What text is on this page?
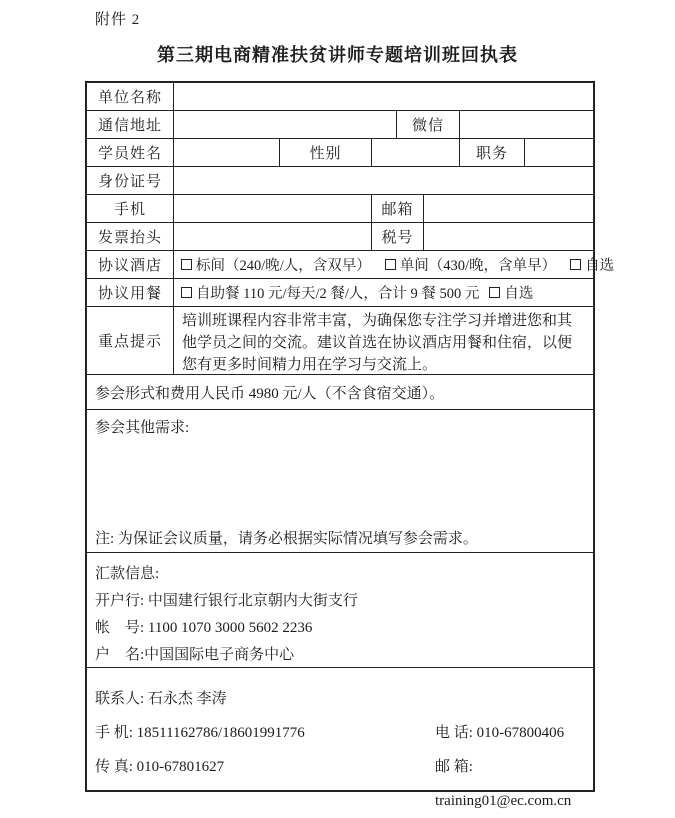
附件 2
第三期电商精准扶贫讲师专题培训班回执表
单位名称
通信地址	微信
学员姓名	性别	职务
身份证号
手机	邮箱
发票抬头	税号
协议酒店	标间（240/晚/人，含双早） 单间（430/晚，含单早） 自选
协议用餐	自助餐 110 元/每天/2 餐/人，合计 9 餐 500 元 自选
重点提示
培训班课程内容非常丰富，为确保您专注学习并增进您和其他学员之间的交流。建议首选在协议酒店用餐和住宿，以便您有更多时间精力用在学习与交流上。
参会形式和费用人民币 4980 元/人（不含食宿交通）。
参会其他需求:
注: 为保证会议质量，请务必根据实际情况填写参会需求。
汇款信息:
开户行: 中国建行银行北京朝内大街支行
帐　号: 1100 1070 3000 5602 2236
户　名:中国国际电子商务中心
联系人: 石永杰 李涛
手 机: 18511162786/18601991776	电 话: 010-67800406
传 真: 010-67801627	邮 箱: training01@ec.com.cn
